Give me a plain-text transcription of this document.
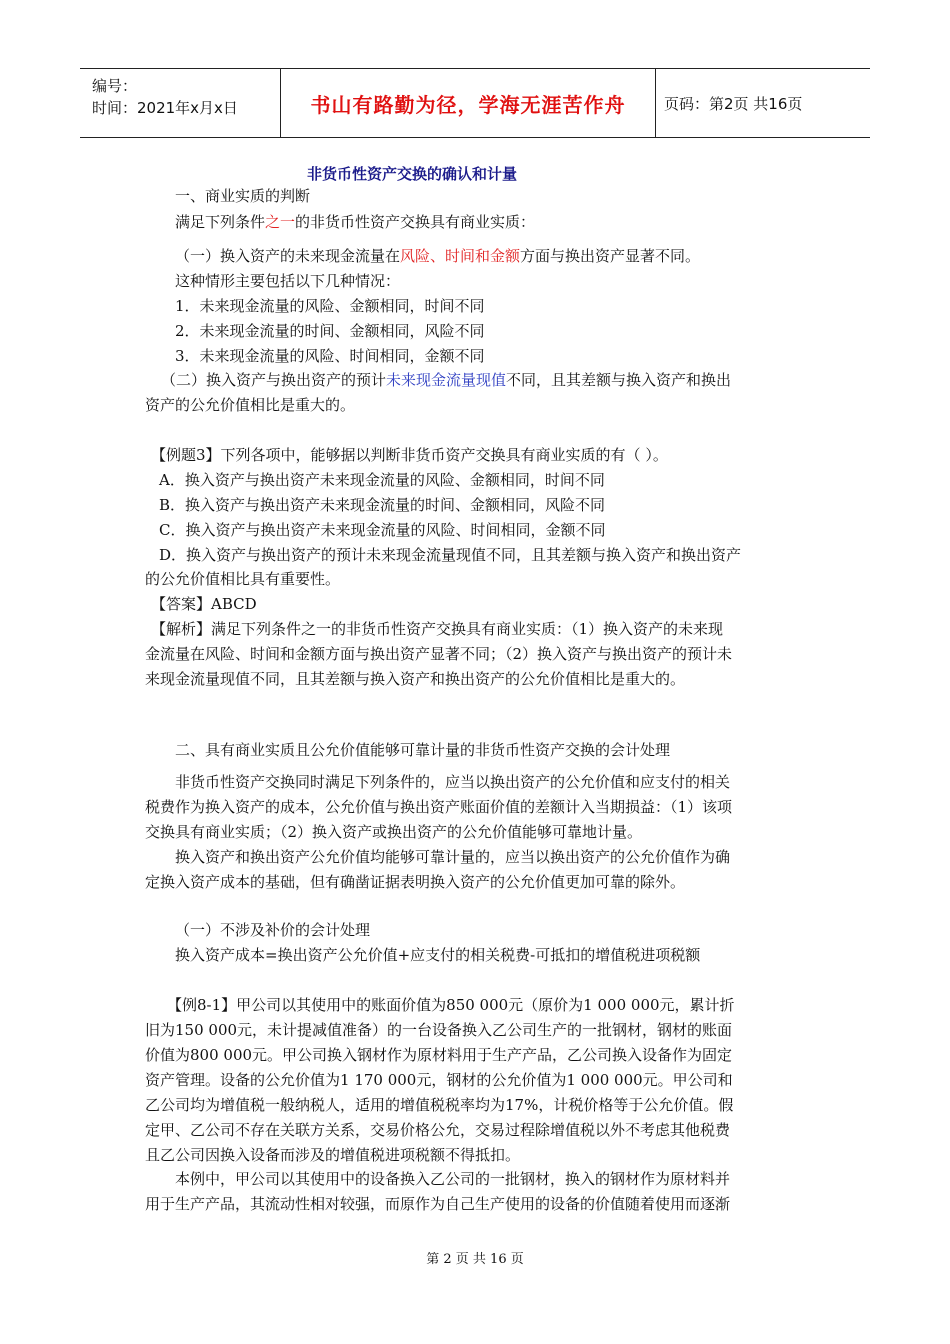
编号：
时间：2021年x月x日	书山有路勤为径，学海无涯苦作舟	页码：第2页 共16页
非货币性资产交换的确认和计量
一、商业实质的判断
满足下列条件之一的非货币性资产交换具有商业实质：
（一）换入资产的未来现金流量在风险、时间和金额方面与换出资产显著不同。
这种情形主要包括以下几种情况：
1．未来现金流量的风险、金额相同，时间不同
2．未来现金流量的时间、金额相同，风险不同
3．未来现金流量的风险、时间相同，金额不同
（二）换入资产与换出资产的预计未来现金流量现值不同，且其差额与换入资产和换出
资产的公允价值相比是重大的。
【例题3】下列各项中，能够据以判断非货币资产交换具有商业实质的有（ ）。
A．换入资产与换出资产未来现金流量的风险、金额相同，时间不同
B．换入资产与换出资产未来现金流量的时间、金额相同，风险不同
C．换入资产与换出资产未来现金流量的风险、时间相同，金额不同
D．换入资产与换出资产的预计未来现金流量现值不同，且其差额与换入资产和换出资产
的公允价值相比具有重要性。
【答案】ABCD
【解析】满足下列条件之一的非货币性资产交换具有商业实质：（1）换入资产的未来现
金流量在风险、时间和金额方面与换出资产显著不同；（2）换入资产与换出资产的预计未
来现金流量现值不同，且其差额与换入资产和换出资产的公允价值相比是重大的。
二、具有商业实质且公允价值能够可靠计量的非货币性资产交换的会计处理
非货币性资产交换同时满足下列条件的，应当以换出资产的公允价值和应支付的相关
税费作为换入资产的成本，公允价值与换出资产账面价值的差额计入当期损益：（1）该项
交换具有商业实质；（2）换入资产或换出资产的公允价值能够可靠地计量。
换入资产和换出资产公允价值均能够可靠计量的，应当以换出资产的公允价值作为确
定换入资产成本的基础，但有确凿证据表明换入资产的公允价值更加可靠的除外。
（一）不涉及补价的会计处理
换入资产成本=换出资产公允价值+应支付的相关税费-可抵扣的增值税进项税额
【例8-1】甲公司以其使用中的账面价值为850 000元（原价为1 000 000元，累计折
旧为150 000元，未计提减值准备）的一台设备换入乙公司生产的一批钢材，钢材的账面
价值为800 000元。甲公司换入钢材作为原材料用于生产产品，乙公司换入设备作为固定
资产管理。设备的公允价值为1 170 000元，钢材的公允价值为1 000 000元。甲公司和
乙公司均为增值税一般纳税人，适用的增值税税率均为17%，计税价格等于公允价值。假
定甲、乙公司不存在关联方关系，交易价格公允，交易过程除增值税以外不考虑其他税费
且乙公司因换入设备而涉及的增值税进项税额不得抵扣。
本例中，甲公司以其使用中的设备换入乙公司的一批钢材，换入的钢材作为原材料并
用于生产产品，其流动性相对较强，而原作为自己生产使用的设备的价值随着使用而逐渐
第 2 页 共 16 页
